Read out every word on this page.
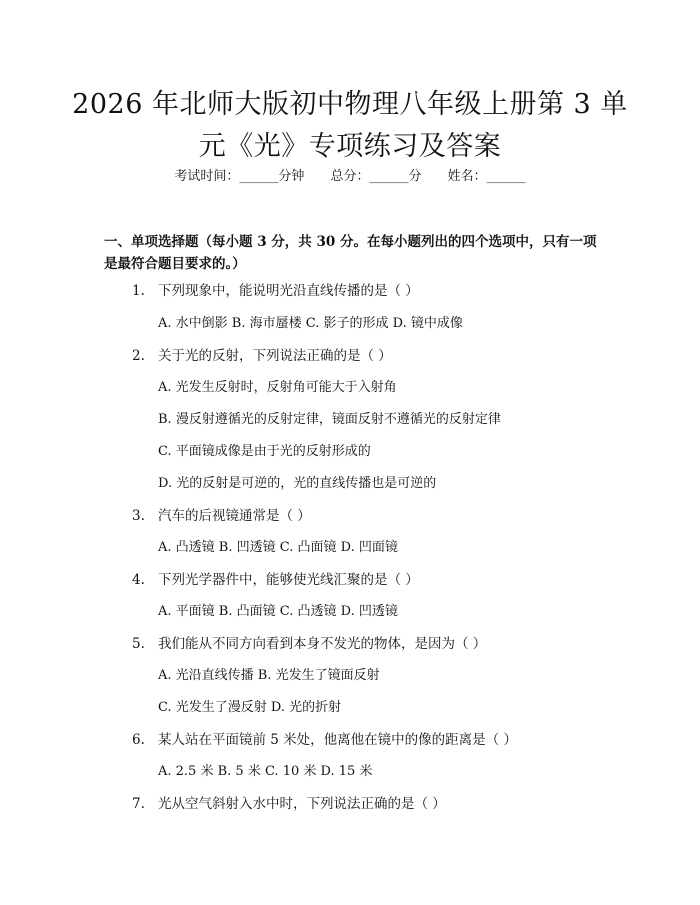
2026 年北师大版初中物理八年级上册第 3 单
元《光》专项练习及答案
考试时间：______分钟 总分：______分 姓名：______
一、单项选择题（每小题 3 分，共 30 分。在每小题列出的四个选项中，只有一项
是最符合题目要求的。）
1. 下列现象中，能说明光沿直线传播的是（ ）
A. 水中倒影 B. 海市蜃楼 C. 影子的形成 D. 镜中成像
2. 关于光的反射，下列说法正确的是（ ）
A. 光发生反射时，反射角可能大于入射角
B. 漫反射遵循光的反射定律，镜面反射不遵循光的反射定律
C. 平面镜成像是由于光的反射形成的
D. 光的反射是可逆的，光的直线传播也是可逆的
3. 汽车的后视镜通常是（ ）
A. 凸透镜 B. 凹透镜 C. 凸面镜 D. 凹面镜
4. 下列光学器件中，能够使光线汇聚的是（ ）
A. 平面镜 B. 凸面镜 C. 凸透镜 D. 凹透镜
5. 我们能从不同方向看到本身不发光的物体，是因为（ ）
A. 光沿直线传播 B. 光发生了镜面反射
C. 光发生了漫反射 D. 光的折射
6. 某人站在平面镜前 5 米处，他离他在镜中的像的距离是（ ）
A. 2.5 米 B. 5 米 C. 10 米 D. 15 米
7. 光从空气斜射入水中时，下列说法正确的是（ ）
